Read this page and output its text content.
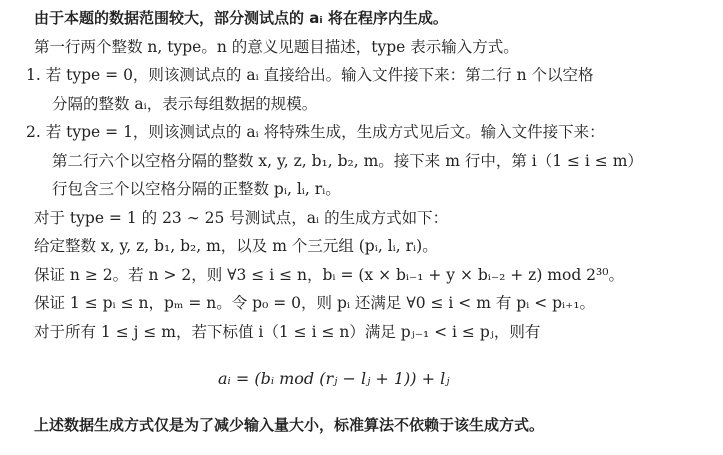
由于本题的数据范围较大，部分测试点的 aᵢ 将在程序内生成。
第一行两个整数 n, type。n 的意义见题目描述，type 表示输入方式。
1. 若 type = 0，则该测试点的 aᵢ 直接给出。输入文件接下来：第二行 n 个以空格
分隔的整数 aᵢ，表示每组数据的规模。
2. 若 type = 1，则该测试点的 aᵢ 将特殊生成，生成方式见后文。输入文件接下来：
第二行六个以空格分隔的整数 x, y, z, b₁, b₂, m。接下来 m 行中，第 i（1 ≤ i ≤ m）
行包含三个以空格分隔的正整数 pᵢ, lᵢ, rᵢ。
对于 type = 1 的 23 ∼ 25 号测试点，aᵢ 的生成方式如下：
给定整数 x, y, z, b₁, b₂, m，以及 m 个三元组 (pᵢ, lᵢ, rᵢ)。
保证 n ≥ 2。若 n > 2，则 ∀3 ≤ i ≤ n，bᵢ = (x × bᵢ₋₁ + y × bᵢ₋₂ + z) mod 2³⁰。
保证 1 ≤ pᵢ ≤ n，pₘ = n。令 p₀ = 0，则 pᵢ 还满足 ∀0 ≤ i < m 有 pᵢ < pᵢ₊₁。
对于所有 1 ≤ j ≤ m，若下标值 i（1 ≤ i ≤ n）满足 pⱼ₋₁ < i ≤ pⱼ，则有
aᵢ = (bᵢ mod (rⱼ − lⱼ + 1)) + lⱼ
上述数据生成方式仅是为了减少输入量大小，标准算法不依赖于该生成方式。
